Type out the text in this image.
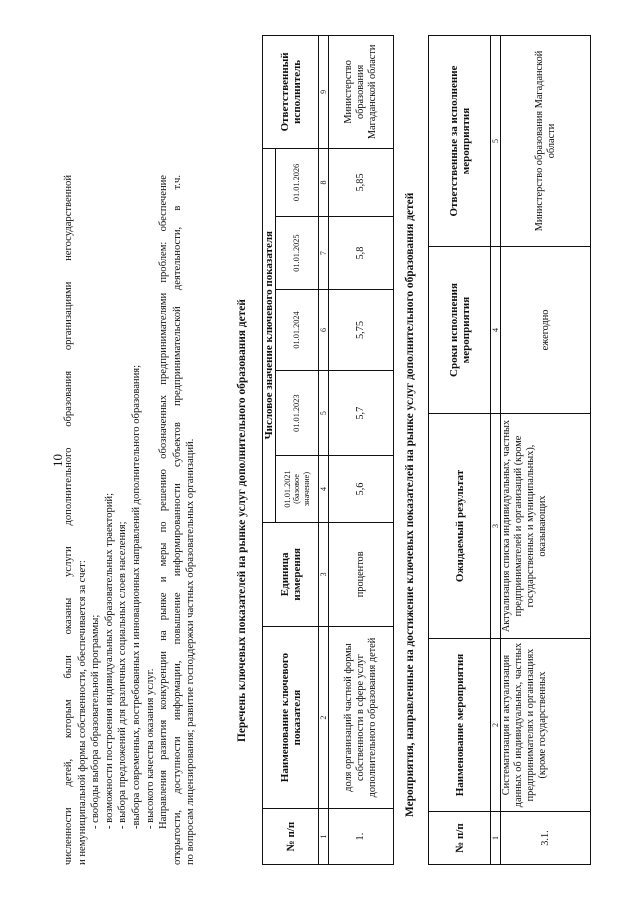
10
численности детей, которым были оказаны услуги дополнительного образования организациями негосударственной и немуниципальной формы собственности, обеспечивается за счет: - свободы выбора образовательной программы; - возможности построения индивидуальных образовательных траекторий; - выбора предложений для различных социальных слоев населения; -выбора современных, востребованных и инновационных направлений дополнительного образования; - высокого качества оказания услуг. Направления развития конкуренции на рынке и меры по решению обозначенных предпринимателями проблем: обеспечение открытости, доступности информации, повышение информированности субъектов предпринимательской деятельности, в т.ч. по вопросам лицензирования; развитие господдержки частных образовательных организаций.	Перечень ключевых показателей на рынке услуг дополнительного образования детей
№ п/п	Наименование ключевого показателя	Единица измерения	Числовое значение ключевого показателя					Ответственный исполнитель
			01.01.2021 (базовое значение)	01.01.2023	01.01.2024	01.01.2025	01.01.2026	
1	2	3	4	5	6	7	8	9
1.	доля организаций частной формы собственности в сфере услуг дополнительного образования детей	процентов	5,6	5,7	5,75	5,8	5,85	Министерство образования Магаданской области
Мероприятия, направленные на достижение ключевых показателей на рынке услуг дополнительного образования детей
№ п/п	Наименование мероприятия	Ожидаемый результат	Сроки исполнения мероприятия	Ответственные за исполнение мероприятия
1	2	3	4	5
3.1.	Систематизация и актуализация данных об индивидуальных, частных предпринимателях и организациях (кроме государственных	Актуализация списка индивидуальных, частных предпринимателей и организаций (кроме государственных и муниципальных), оказывающих	ежегодно	Министерство образования Магаданской области
